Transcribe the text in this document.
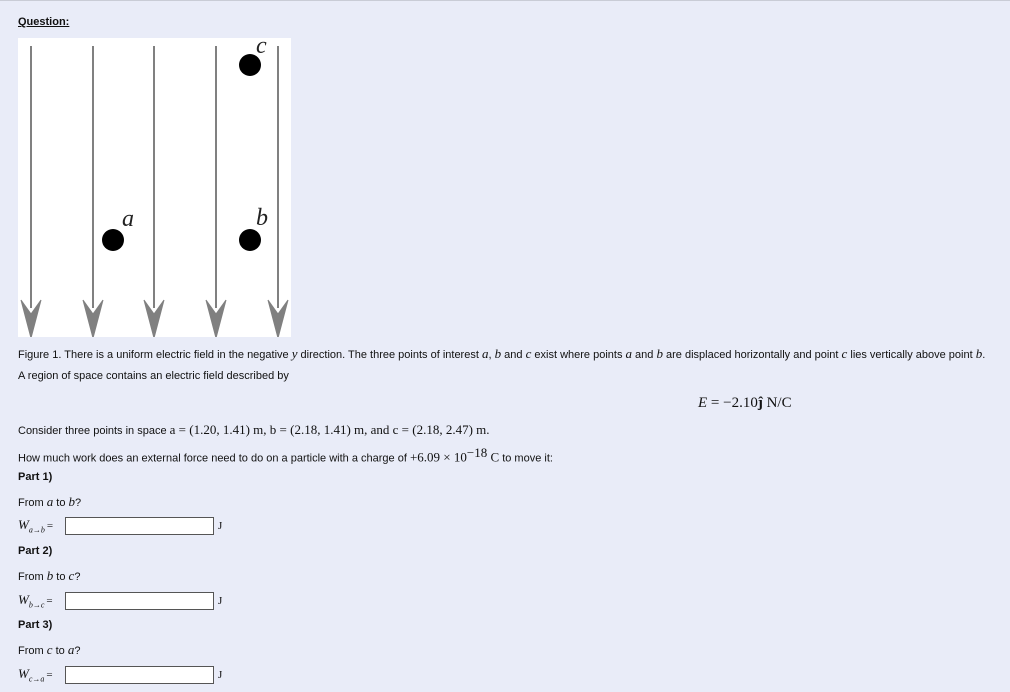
Question:
a	b
c
Figure 1. There is a uniform electric field in the negative y direction. The three points of interest a, b and c exist where points a and b are displaced horizontally and point c lies vertically above point b.
A region of space contains an electric field described by
E = −2.10ĵ N/C
Consider three points in space a = (1.20, 1.41) m, b = (2.18, 1.41) m, and c = (2.18, 2.47) m.
How much work does an external force need to do on a particle with a charge of $+6.09 \times 10^{-18}$ C to move it:
Part 1)
From a to b?
$W_{a\to b}$ =	J
Part 2)
From b to c?
$W_{b\to c}$ =	J
Part 3)
From c to a?
$W_{c\to a}$ =	J
